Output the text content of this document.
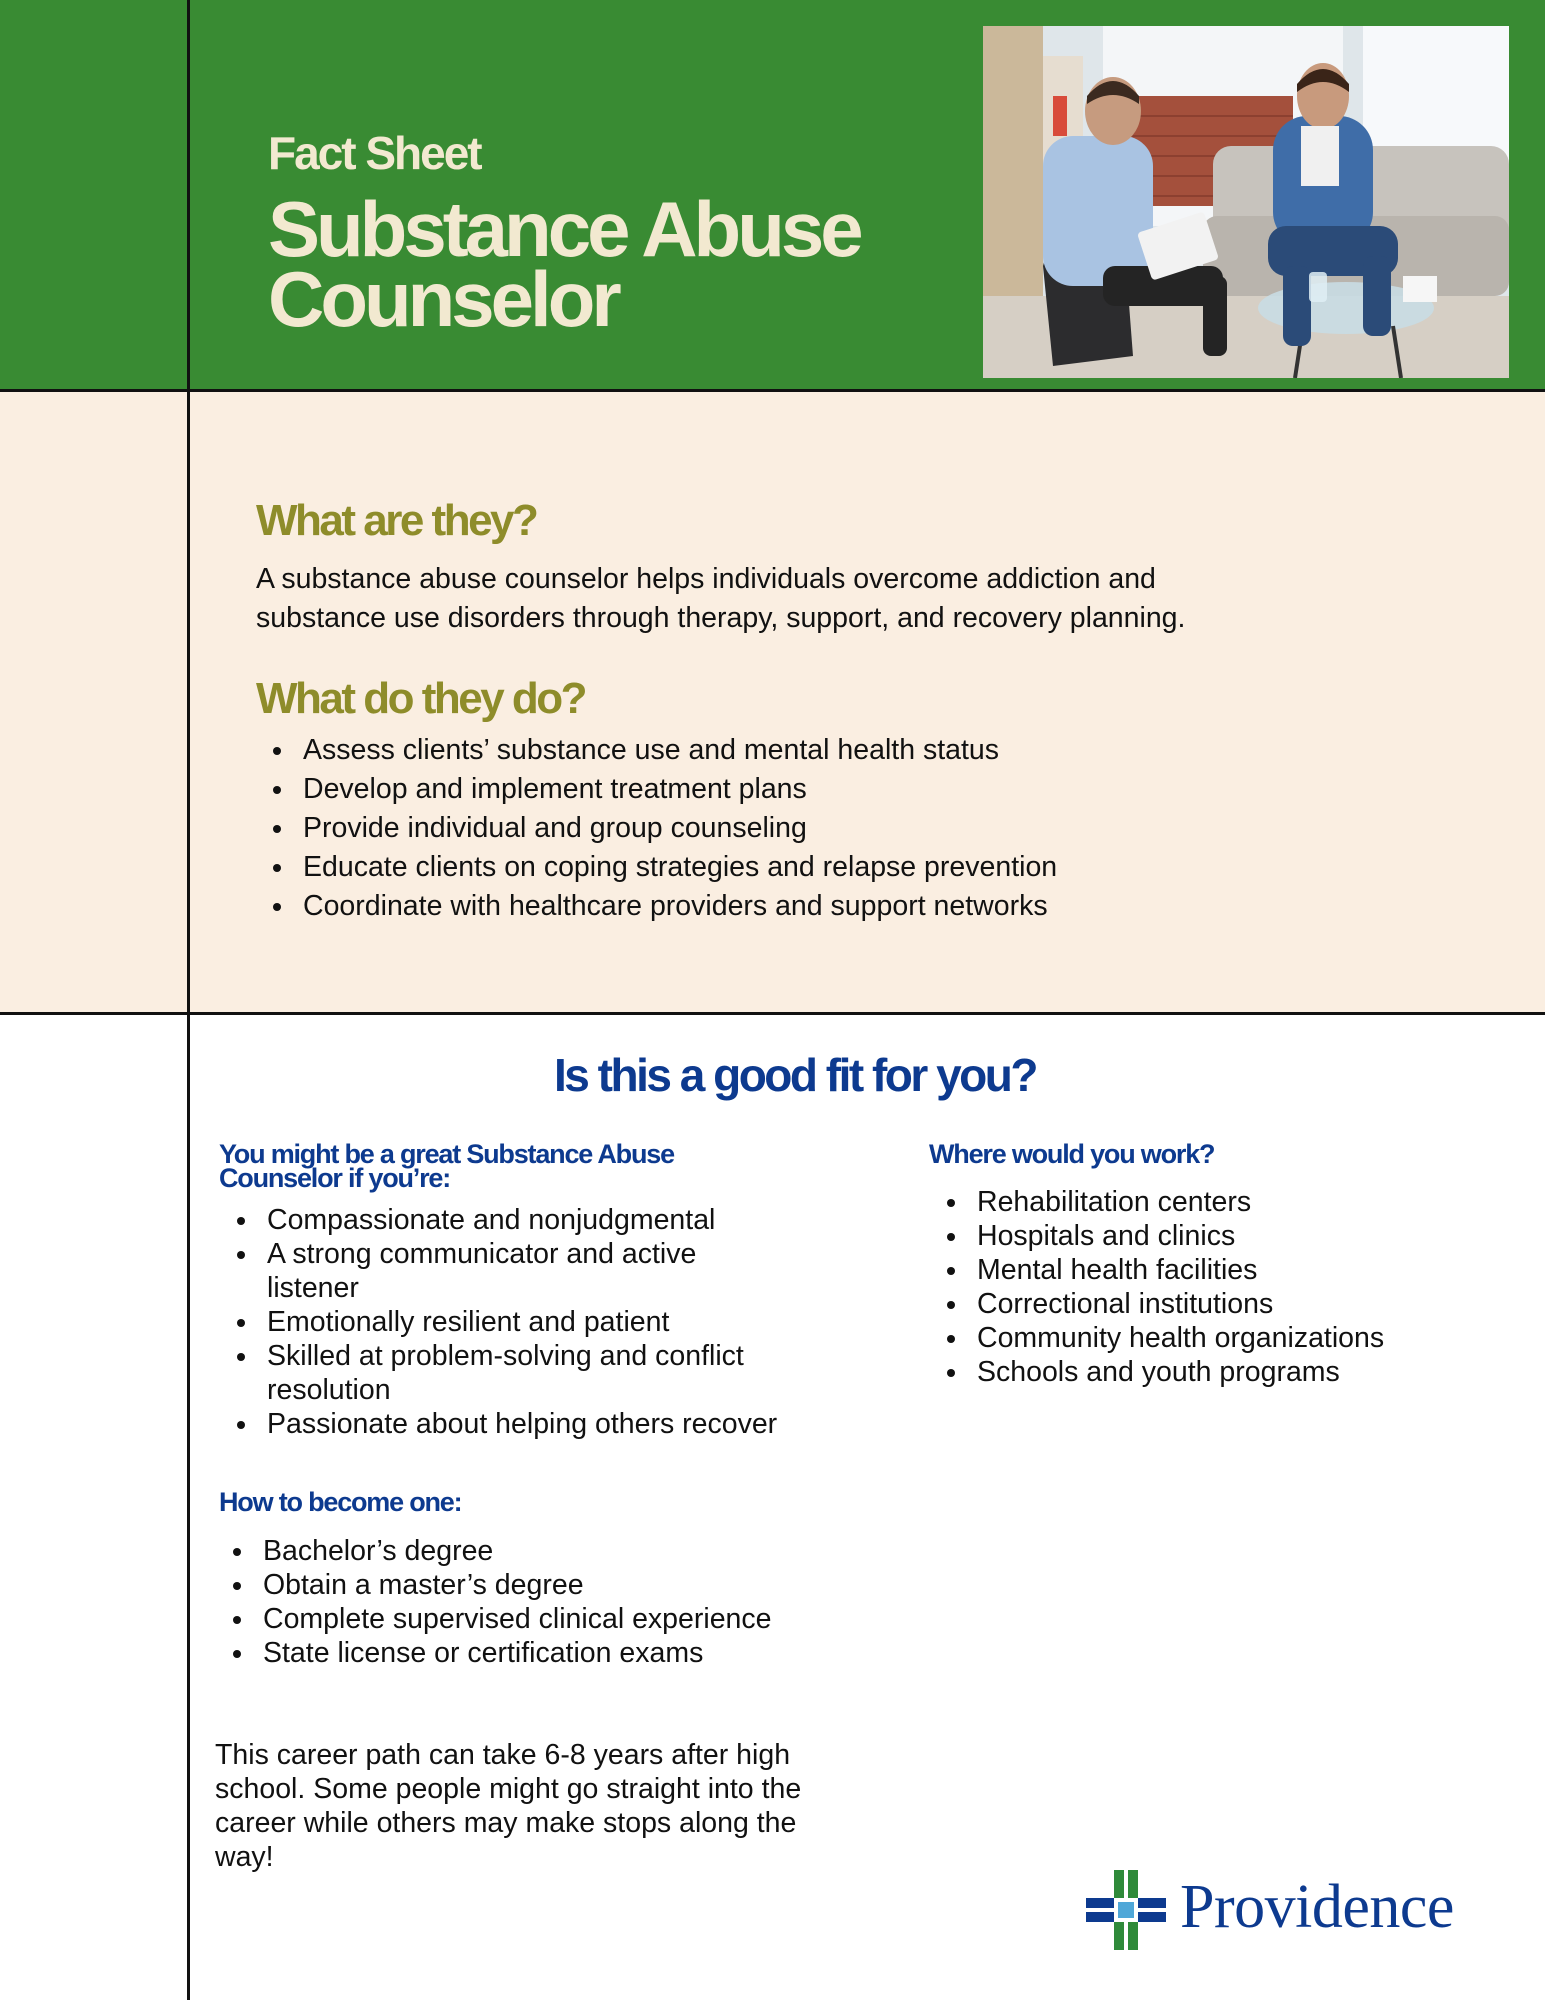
Fact Sheet
Substance Abuse Counselor
What are they?
A substance abuse counselor helps individuals overcome addiction and substance use disorders through therapy, support, and recovery planning.
What do they do?
Assess clients’ substance use and mental health status
Develop and implement treatment plans
Provide individual and group counseling
Educate clients on coping strategies and relapse prevention
Coordinate with healthcare providers and support networks
Is this a good fit for you?
You might be a great Substance Abuse Counselor if you’re:
Compassionate and nonjudgmental
A strong communicator and active listener
Emotionally resilient and patient
Skilled at problem-solving and conflict resolution
Passionate about helping others recover
How to become one:
Bachelor’s degree
Obtain a master’s degree
Complete supervised clinical experience
State license or certification exams
Where would you work?
Rehabilitation centers
Hospitals and clinics
Mental health facilities
Correctional institutions
Community health organizations
Schools and youth programs
This career path can take 6-8 years after high school. Some people might go straight into the career while others may make stops along the way!
Providence
